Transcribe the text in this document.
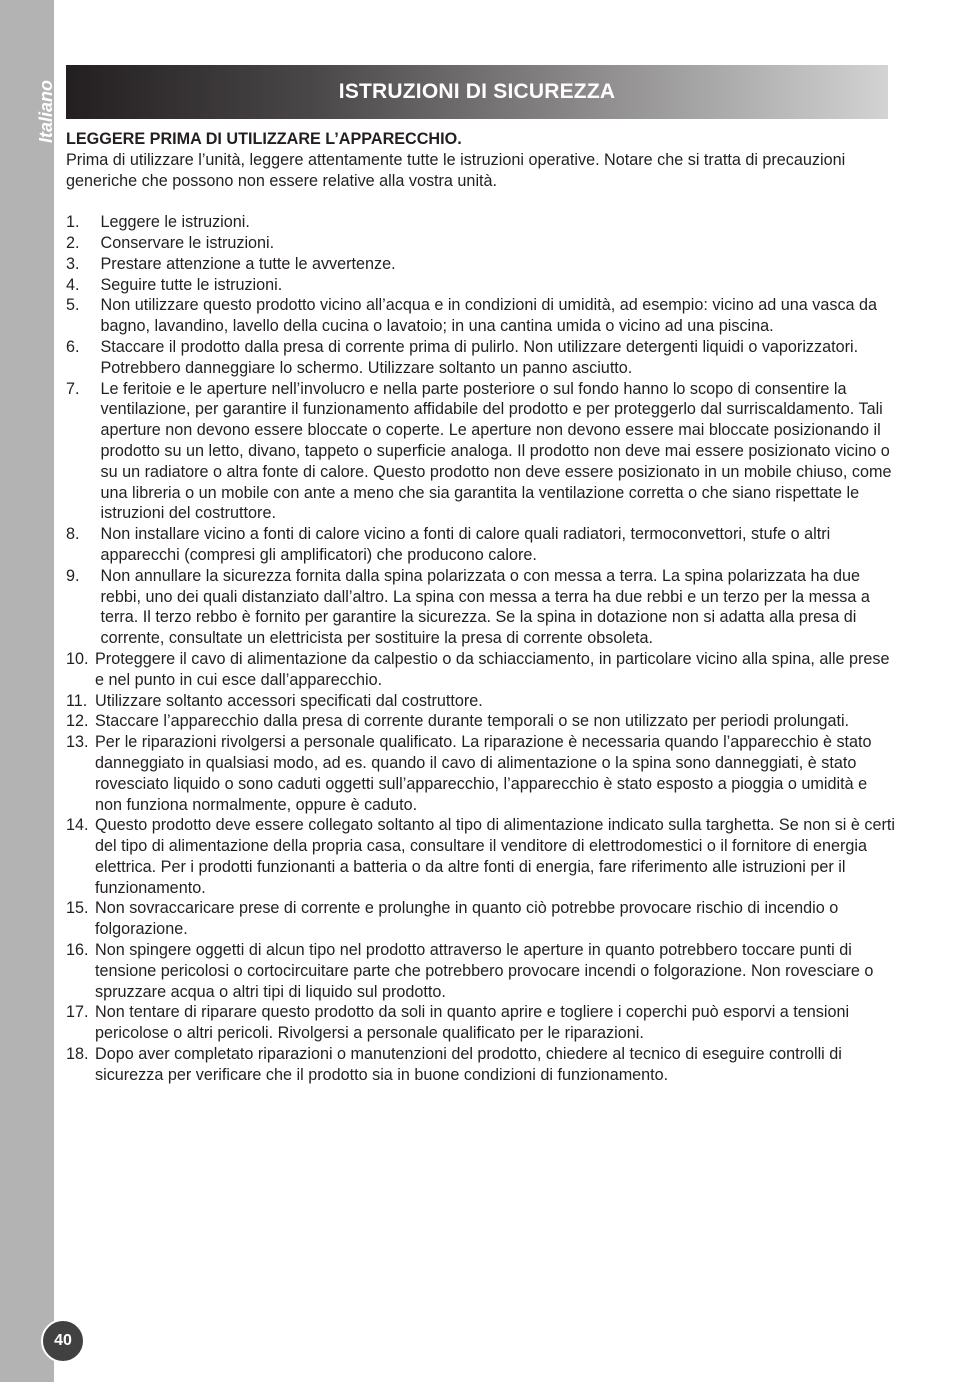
Italiano
40
ISTRUZIONI DI SICUREZZA

LEGGERE PRIMA DI UTILIZZARE L’APPARECCHIO.

Prima di utilizzare l’unità, leggere attentamente tutte le istruzioni operative. Notare che si tratta di precauzioni generiche che possono non essere relative alla vostra unità.

1.	Leggere le istruzioni.
2.	Conservare le istruzioni.
3.	Prestare attenzione a tutte le avvertenze.
4.	Seguire tutte le istruzioni.
5.	Non utilizzare questo prodotto vicino all’acqua e in condizioni di umidità, ad esempio: vicino ad una vasca da bagno, lavandino, lavello della cucina o lavatoio; in una cantina umida o vicino ad una piscina.
6.	Staccare il prodotto dalla presa di corrente prima di pulirlo. Non utilizzare detergenti liquidi o vaporizzatori. Potrebbero danneggiare lo schermo. Utilizzare soltanto un panno asciutto.
7.	Le feritoie e le aperture nell’involucro e nella parte posteriore o sul fondo hanno lo scopo di consentire la ventilazione, per garantire il funzionamento affidabile del prodotto e per proteggerlo dal surriscaldamento. Tali aperture non devono essere bloccate o coperte. Le aperture non devono essere mai bloccate posizionando il prodotto su un letto, divano, tappeto o superficie analoga. Il prodotto non deve mai essere posizionato vicino o su un radiatore o altra fonte di calore. Questo prodotto non deve essere posizionato in un mobile chiuso, come una libreria o un mobile con ante a meno che sia garantita la ventilazione corretta o che siano rispettate le istruzioni del costruttore.
8.	Non installare vicino a fonti di calore vicino a fonti di calore quali radiatori, termoconvettori, stufe o altri apparecchi (compresi gli amplificatori) che producono calore.
9.	Non annullare la sicurezza fornita dalla spina polarizzata o con messa a terra. La spina polarizzata ha due rebbi, uno dei quali distanziato dall’altro. La spina con messa a terra ha due rebbi e un terzo per la messa a terra. Il terzo rebbo è fornito per garantire la sicurezza. Se la spina in dotazione non si adatta alla presa di corrente, consultate un elettricista per sostituire la presa di corrente obsoleta.
10. Proteggere il cavo di alimentazione da calpestio o da schiacciamento, in particolare vicino alla spina, alle prese e nel punto in cui esce dall’apparecchio.
11. Utilizzare soltanto accessori specificati dal costruttore.
12. Staccare l’apparecchio dalla presa di corrente durante temporali o se non utilizzato per periodi prolungati.
13. Per le riparazioni rivolgersi a personale qualificato. La riparazione è necessaria quando l’apparecchio è stato danneggiato in qualsiasi modo, ad es. quando il cavo di alimentazione o la spina sono danneggiati, è stato rovesciato liquido o sono caduti oggetti sull’apparecchio, l’apparecchio è stato esposto a pioggia o umidità e non funziona normalmente, oppure è caduto.
14. Questo prodotto deve essere collegato soltanto al tipo di alimentazione indicato sulla targhetta. Se non si è certi del tipo di alimentazione della propria casa, consultare il venditore di elettrodomestici o il fornitore di energia elettrica. Per i prodotti funzionanti a batteria o da altre fonti di energia, fare riferimento alle istruzioni per il funzionamento.
15. Non sovraccaricare prese di corrente e prolunghe in quanto ciò potrebbe provocare rischio di incendio o folgorazione.
16. Non spingere oggetti di alcun tipo nel prodotto attraverso le aperture in quanto potrebbero toccare punti di tensione pericolosi o cortocircuitare parte che potrebbero provocare incendi o folgorazione. Non rovesciare o spruzzare acqua o altri tipi di liquido sul prodotto.
17. Non tentare di riparare questo prodotto da soli in quanto aprire e togliere i coperchi può esporvi a tensioni pericolose o altri pericoli. Rivolgersi a personale qualificato per le riparazioni.
18. Dopo aver completato riparazioni o manutenzioni del prodotto, chiedere al tecnico di eseguire controlli di sicurezza per verificare che il prodotto sia in buone condizioni di funzionamento.
